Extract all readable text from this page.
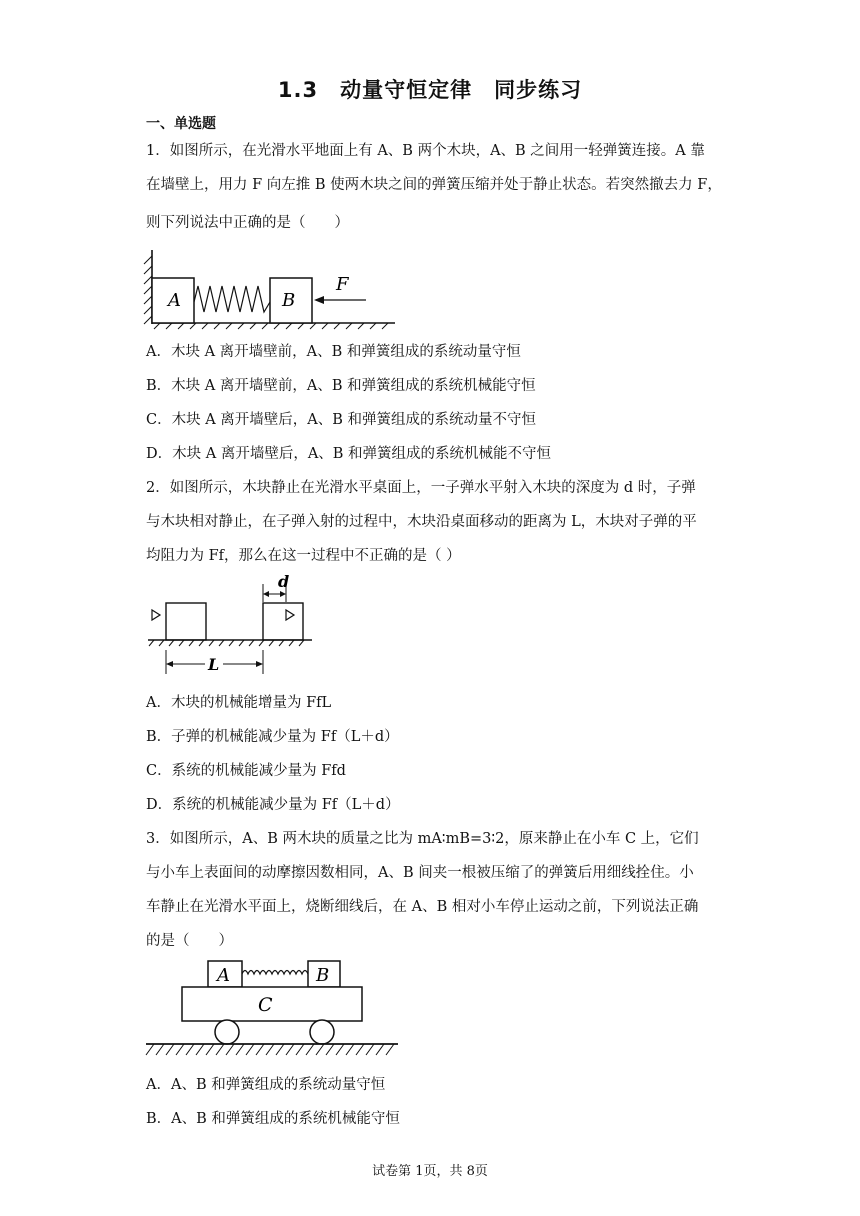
1.3　动量守恒定律　同步练习
一、单选题
1．如图所示，在光滑水平地面上有 A、B 两个木块，A、B 之间用一轻弹簧连接。A 靠
在墙壁上，用力 F 向左推 B 使两木块之间的弹簧压缩并处于静止状态。若突然撤去力 F，
则下列说法中正确的是（　　）
A	B
F
A．木块 A 离开墙壁前，A、B 和弹簧组成的系统动量守恒
B．木块 A 离开墙壁前，A、B 和弹簧组成的系统机械能守恒
C．木块 A 离开墙壁后，A、B 和弹簧组成的系统动量不守恒
D．木块 A 离开墙壁后，A、B 和弹簧组成的系统机械能不守恒
2．如图所示，木块静止在光滑水平桌面上，一子弹水平射入木块的深度为 d 时，子弹
与木块相对静止，在子弹入射的过程中，木块沿桌面移动的距离为 L，木块对子弹的平
均阻力为 Ff，那么在这一过程中不正确的是（ ）
d
L
A．木块的机械能增量为 FfL
B．子弹的机械能减少量为 Ff（L＋d）
C．系统的机械能减少量为 Ffd
D．系统的机械能减少量为 Ff（L＋d）
3．如图所示，A、B 两木块的质量之比为 mA∶mB=3∶2，原来静止在小车 C 上，它们
与小车上表面间的动摩擦因数相同，A、B 间夹一根被压缩了的弹簧后用细线拴住。小
车静止在光滑水平面上，烧断细线后，在 A、B 相对小车停止运动之前，下列说法正确
的是（　　）
A	B
C
A．A、B 和弹簧组成的系统动量守恒
B．A、B 和弹簧组成的系统机械能守恒
试卷第 1页，共 8页
